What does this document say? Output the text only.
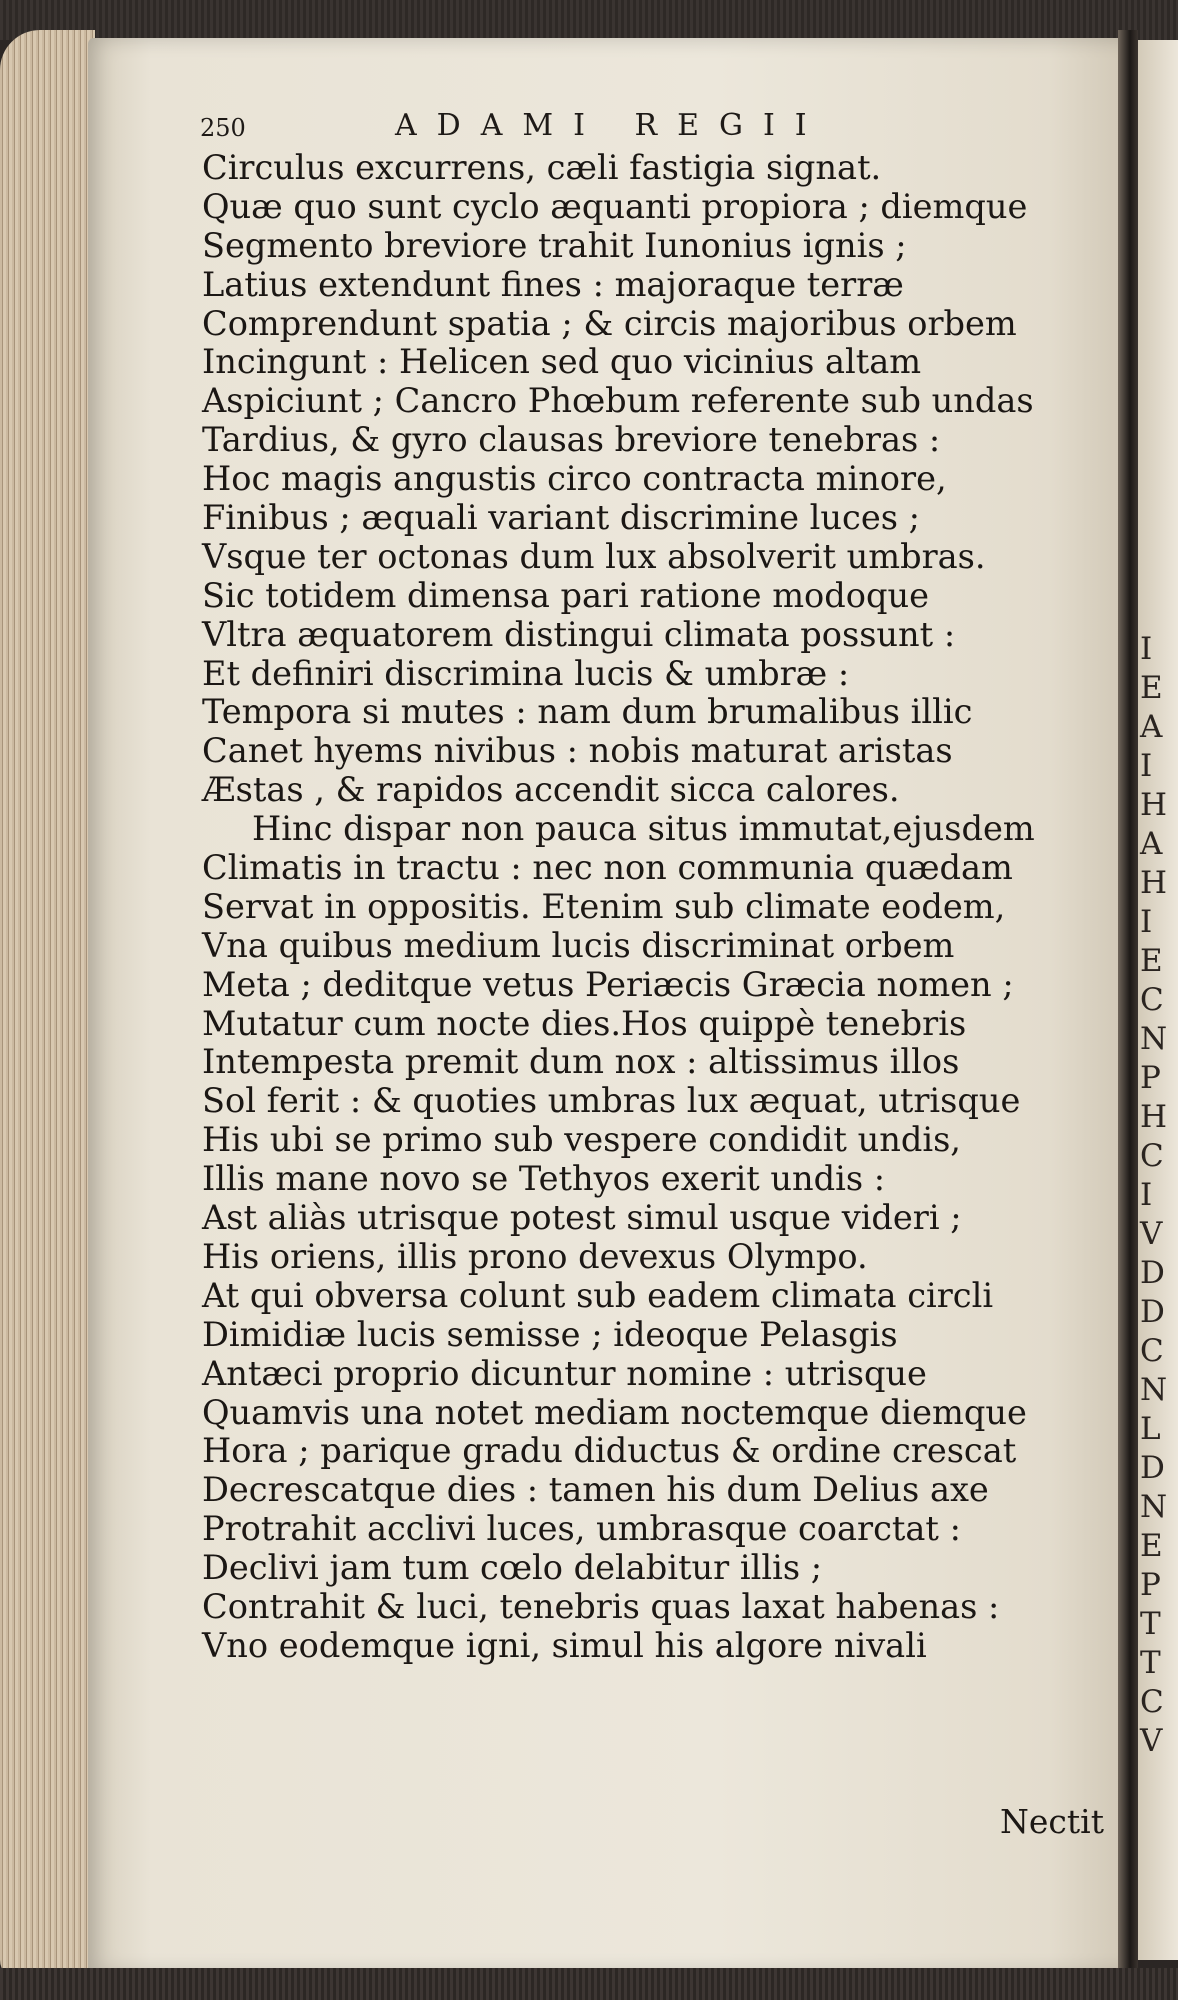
250	ADAMI REGII
Circulus excurrens, cæli fastigia signat.
Quæ quo sunt cyclo æquanti propiora ; diemque
Segmento breviore trahit Iunonius ignis ;
Latius extendunt fines : majoraque terræ
Comprendunt spatia ; & circis majoribus orbem
Incingunt : Helicen sed quo vicinius altam
Aspiciunt ; Cancro Phœbum referente sub undas
Tardius, & gyro clausas breviore tenebras :
Hoc magis angustis circo contracta minore,
Finibus ; æquali variant discrimine luces ;
Vsque ter octonas dum lux absolverit umbras.
Sic totidem dimensa pari ratione modoque
Vltra æquatorem distingui climata possunt :
Et definiri discrimina lucis & umbræ :
Tempora si mutes : nam dum brumalibus illic
Canet hyems nivibus : nobis maturat aristas
Æstas , & rapidos accendit sicca calores.
Hinc dispar non pauca situs immutat,ejusdem
Climatis in tractu : nec non communia quædam
Servat in oppositis. Etenim sub climate eodem,
Vna quibus medium lucis discriminat orbem
Meta ; deditque vetus Periæcis Græcia nomen ;
Mutatur cum nocte dies.Hos quippè tenebris
Intempesta premit dum nox : altissimus illos
Sol ferit : & quoties umbras lux æquat, utrisque
His ubi se primo sub vespere condidit undis,
Illis mane novo se Tethyos exerit undis :
Ast aliàs utrisque potest simul usque videri ;
His oriens, illis prono devexus Olympo.
At qui obversa colunt sub eadem climata circli
Dimidiæ lucis semisse ; ideoque Pelasgis
Antæci proprio dicuntur nomine : utrisque
Quamvis una notet mediam noctemque diemque
Hora ; parique gradu diductus & ordine crescat
Decrescatque dies : tamen his dum Delius axe
Protrahit acclivi luces, umbrasque coarctat :
Declivi jam tum cœlo delabitur illis ;
Contrahit & luci, tenebris quas laxat habenas :
Vno eodemque igni, simul his algore nivali
Nectit
I
E
A
I
H
A
H
I
E
C
N
P
H
C
I
V
D
D
C
N
L
D
N
E
P
T
T
C
V
